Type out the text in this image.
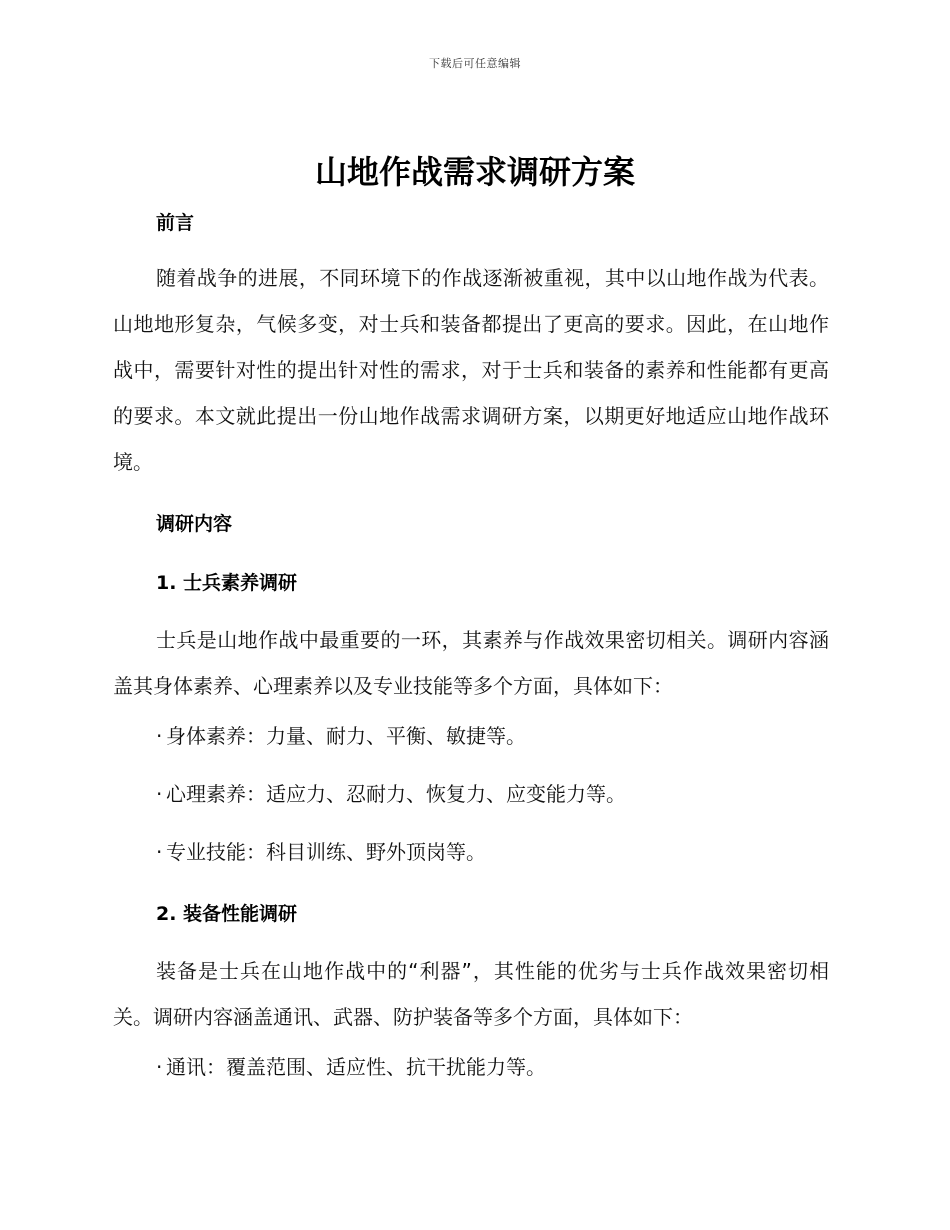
下载后可任意编辑
山地作战需求调研方案

前言

随着战争的进展，不同环境下的作战逐渐被重视，其中以山地作战为代表。山地地形复杂，气候多变，对士兵和装备都提出了更高的要求。因此，在山地作战中，需要针对性的提出针对性的需求，对于士兵和装备的素养和性能都有更高的要求。本文就此提出一份山地作战需求调研方案，以期更好地适应山地作战环境。

调研内容

1. 士兵素养调研

士兵是山地作战中最重要的一环，其素养与作战效果密切相关。调研内容涵盖其身体素养、心理素养以及专业技能等多个方面，具体如下：

· 身体素养：力量、耐力、平衡、敏捷等。

· 心理素养：适应力、忍耐力、恢复力、应变能力等。

· 专业技能：科目训练、野外顶岗等。

2. 装备性能调研

装备是士兵在山地作战中的“利器”，其性能的优劣与士兵作战效果密切相关。调研内容涵盖通讯、武器、防护装备等多个方面，具体如下：

· 通讯：覆盖范围、适应性、抗干扰能力等。
